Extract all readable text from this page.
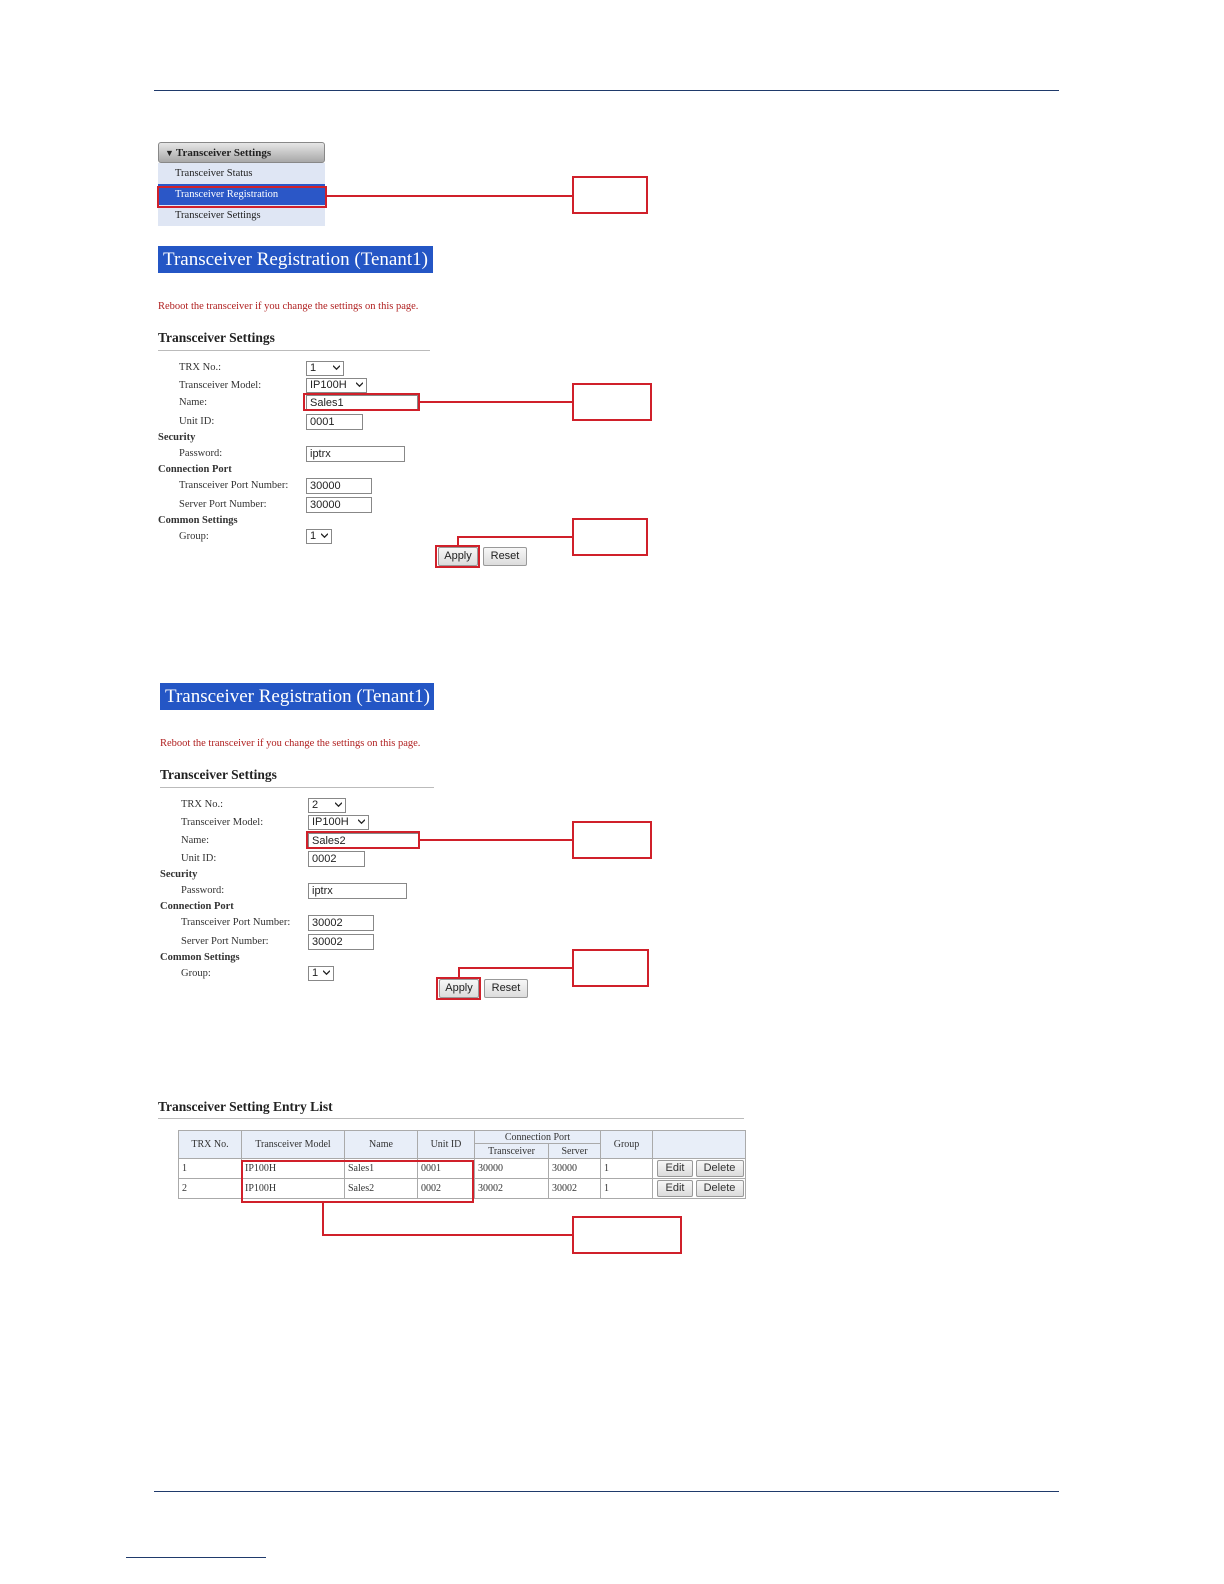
▼ Transceiver Settings
Transceiver Status
Transceiver Registration
Transceiver Settings
Transceiver Registration (Tenant1)
Reboot the transceiver if you change the settings on this page.
Transceiver Settings
TRX No.:	1
Transceiver Model:	IP100H
Name:	Sales1
Unit ID:	0001
Security
Password:	iptrx
Connection Port
Transceiver Port Number:	30000
Server Port Number:	30000
Common Settings
Group:	1
Apply	Reset
Transceiver Registration (Tenant1)
Reboot the transceiver if you change the settings on this page.
Transceiver Settings
TRX No.:	2
Transceiver Model:	IP100H
Name:	Sales2
Unit ID:	0002
Security
Password:	iptrx
Connection Port
Transceiver Port Number:	30002
Server Port Number:	30002
Common Settings
Group:	1
Apply	Reset
Transceiver Setting Entry List
TRX No.	Transceiver Model	Name	Unit ID	Connection Port		Group	
				Transceiver	Server		
1	IP100H	Sales1	0001	30000	30000	1	Edit Delete
2	IP100H	Sales2	0002	30002	30002	1	Edit Delete
